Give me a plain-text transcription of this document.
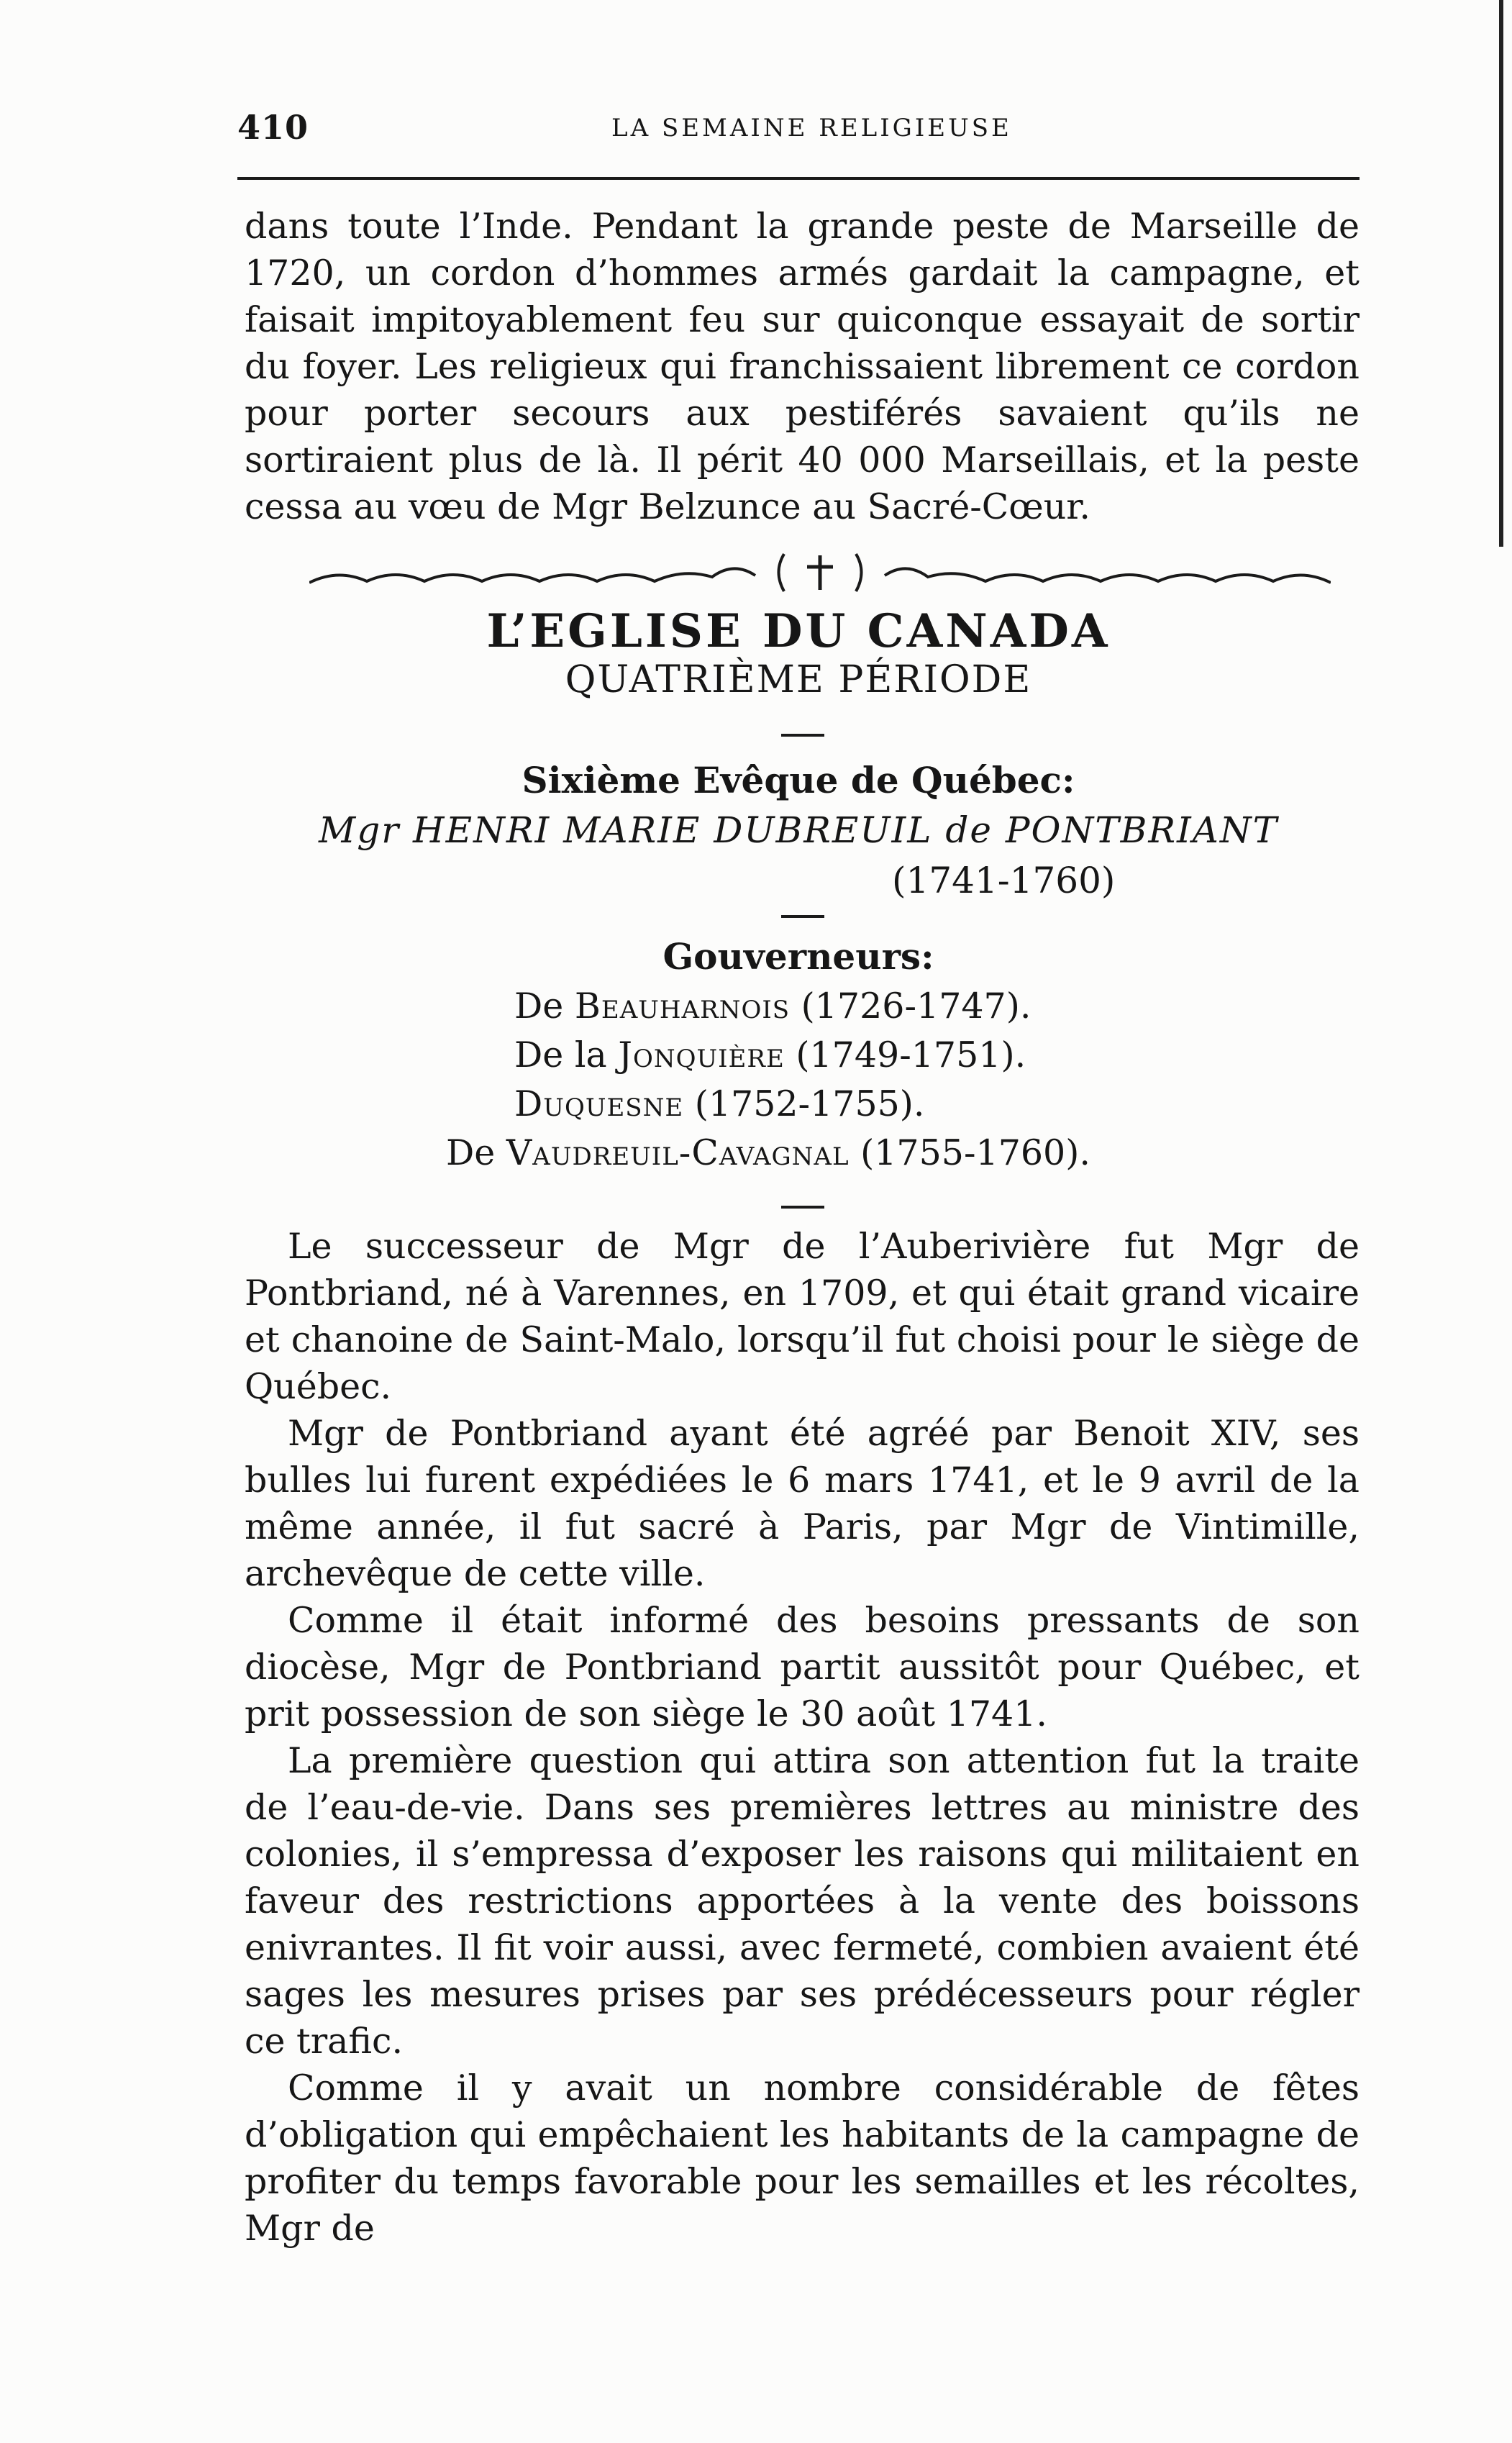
410	LA SEMAINE RELIGIEUSE

dans toute l’Inde. Pendant la grande peste de Marseille de 1720, un cordon d’hommes armés gardait la campagne, et faisait impitoyablement feu sur quiconque essayait de sortir du foyer. Les religieux qui franchissaient librement ce cordon pour porter secours aux pestiférés savaient qu’ils ne sortiraient plus de là. Il périt 40 000 Marseillais, et la peste cessa au vœu de Mgr Belzunce au Sacré-Cœur.

L’EGLISE DU CANADA
QUATRIÈME PÉRIODE
Sixième Evêque de Québec:
Mgr HENRI MARIE DUBREUIL de PONTBRIANT
(1741-1760)
Gouverneurs:
De Beauharnois (1726-1747).
De la Jonquière (1749-1751).
Duquesne (1752-1755).
De Vaudreuil-Cavagnal (1755-1760).

Le successeur de Mgr de l’Auberivière fut Mgr de Pontbriand, né à Varennes, en 1709, et qui était grand vicaire et chanoine de Saint-Malo, lorsqu’il fut choisi pour le siège de Québec.

Mgr de Pontbriand ayant été agréé par Benoit XIV, ses bulles lui furent expédiées le 6 mars 1741, et le 9 avril de la même année, il fut sacré à Paris, par Mgr de Vintimille, archevêque de cette ville.

Comme il était informé des besoins pressants de son diocèse, Mgr de Pontbriand partit aussitôt pour Québec, et prit possession de son siège le 30 août 1741.

La première question qui attira son attention fut la traite de l’eau-de-vie. Dans ses premières lettres au ministre des colonies, il s’empressa d’exposer les raisons qui militaient en faveur des restrictions apportées à la vente des boissons enivrantes. Il fit voir aussi, avec fermeté, combien avaient été sages les mesures prises par ses prédécesseurs pour régler ce trafic.

Comme il y avait un nombre considérable de fêtes d’obligation qui empêchaient les habitants de la campagne de profiter du temps favorable pour les semailles et les récoltes, Mgr de
